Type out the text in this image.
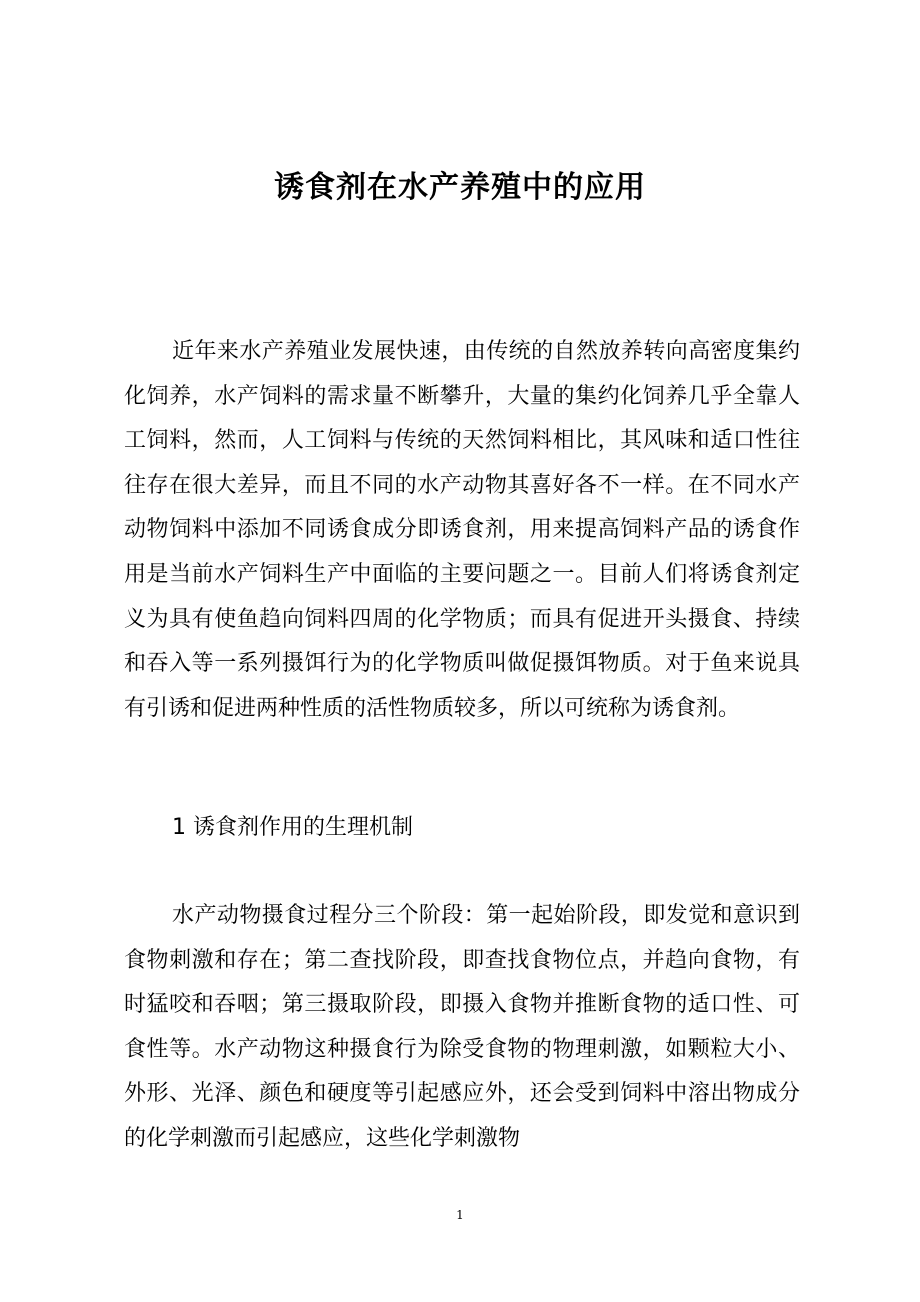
诱食剂在水产养殖中的应用

近年来水产养殖业发展快速，由传统的自然放养转向高密度集约化饲养，水产饲料的需求量不断攀升，大量的集约化饲养几乎全靠人工饲料，然而，人工饲料与传统的天然饲料相比，其风味和适口性往往存在很大差异，而且不同的水产动物其喜好各不一样。在不同水产动物饲料中添加不同诱食成分即诱食剂，用来提高饲料产品的诱食作用是当前水产饲料生产中面临的主要问题之一。目前人们将诱食剂定义为具有使鱼趋向饲料四周的化学物质；而具有促进开头摄食、持续和吞入等一系列摄饵行为的化学物质叫做促摄饵物质。对于鱼来说具有引诱和促进两种性质的活性物质较多，所以可统称为诱食剂。

1 诱食剂作用的生理机制

水产动物摄食过程分三个阶段：第一起始阶段，即发觉和意识到食物刺激和存在；第二查找阶段，即查找食物位点，并趋向食物，有时猛咬和吞咽；第三摄取阶段，即摄入食物并推断食物的适口性、可食性等。水产动物这种摄食行为除受食物的物理刺激，如颗粒大小、外形、光泽、颜色和硬度等引起感应外，还会受到饲料中溶出物成分的化学刺激而引起感应，这些化学刺激物

1
